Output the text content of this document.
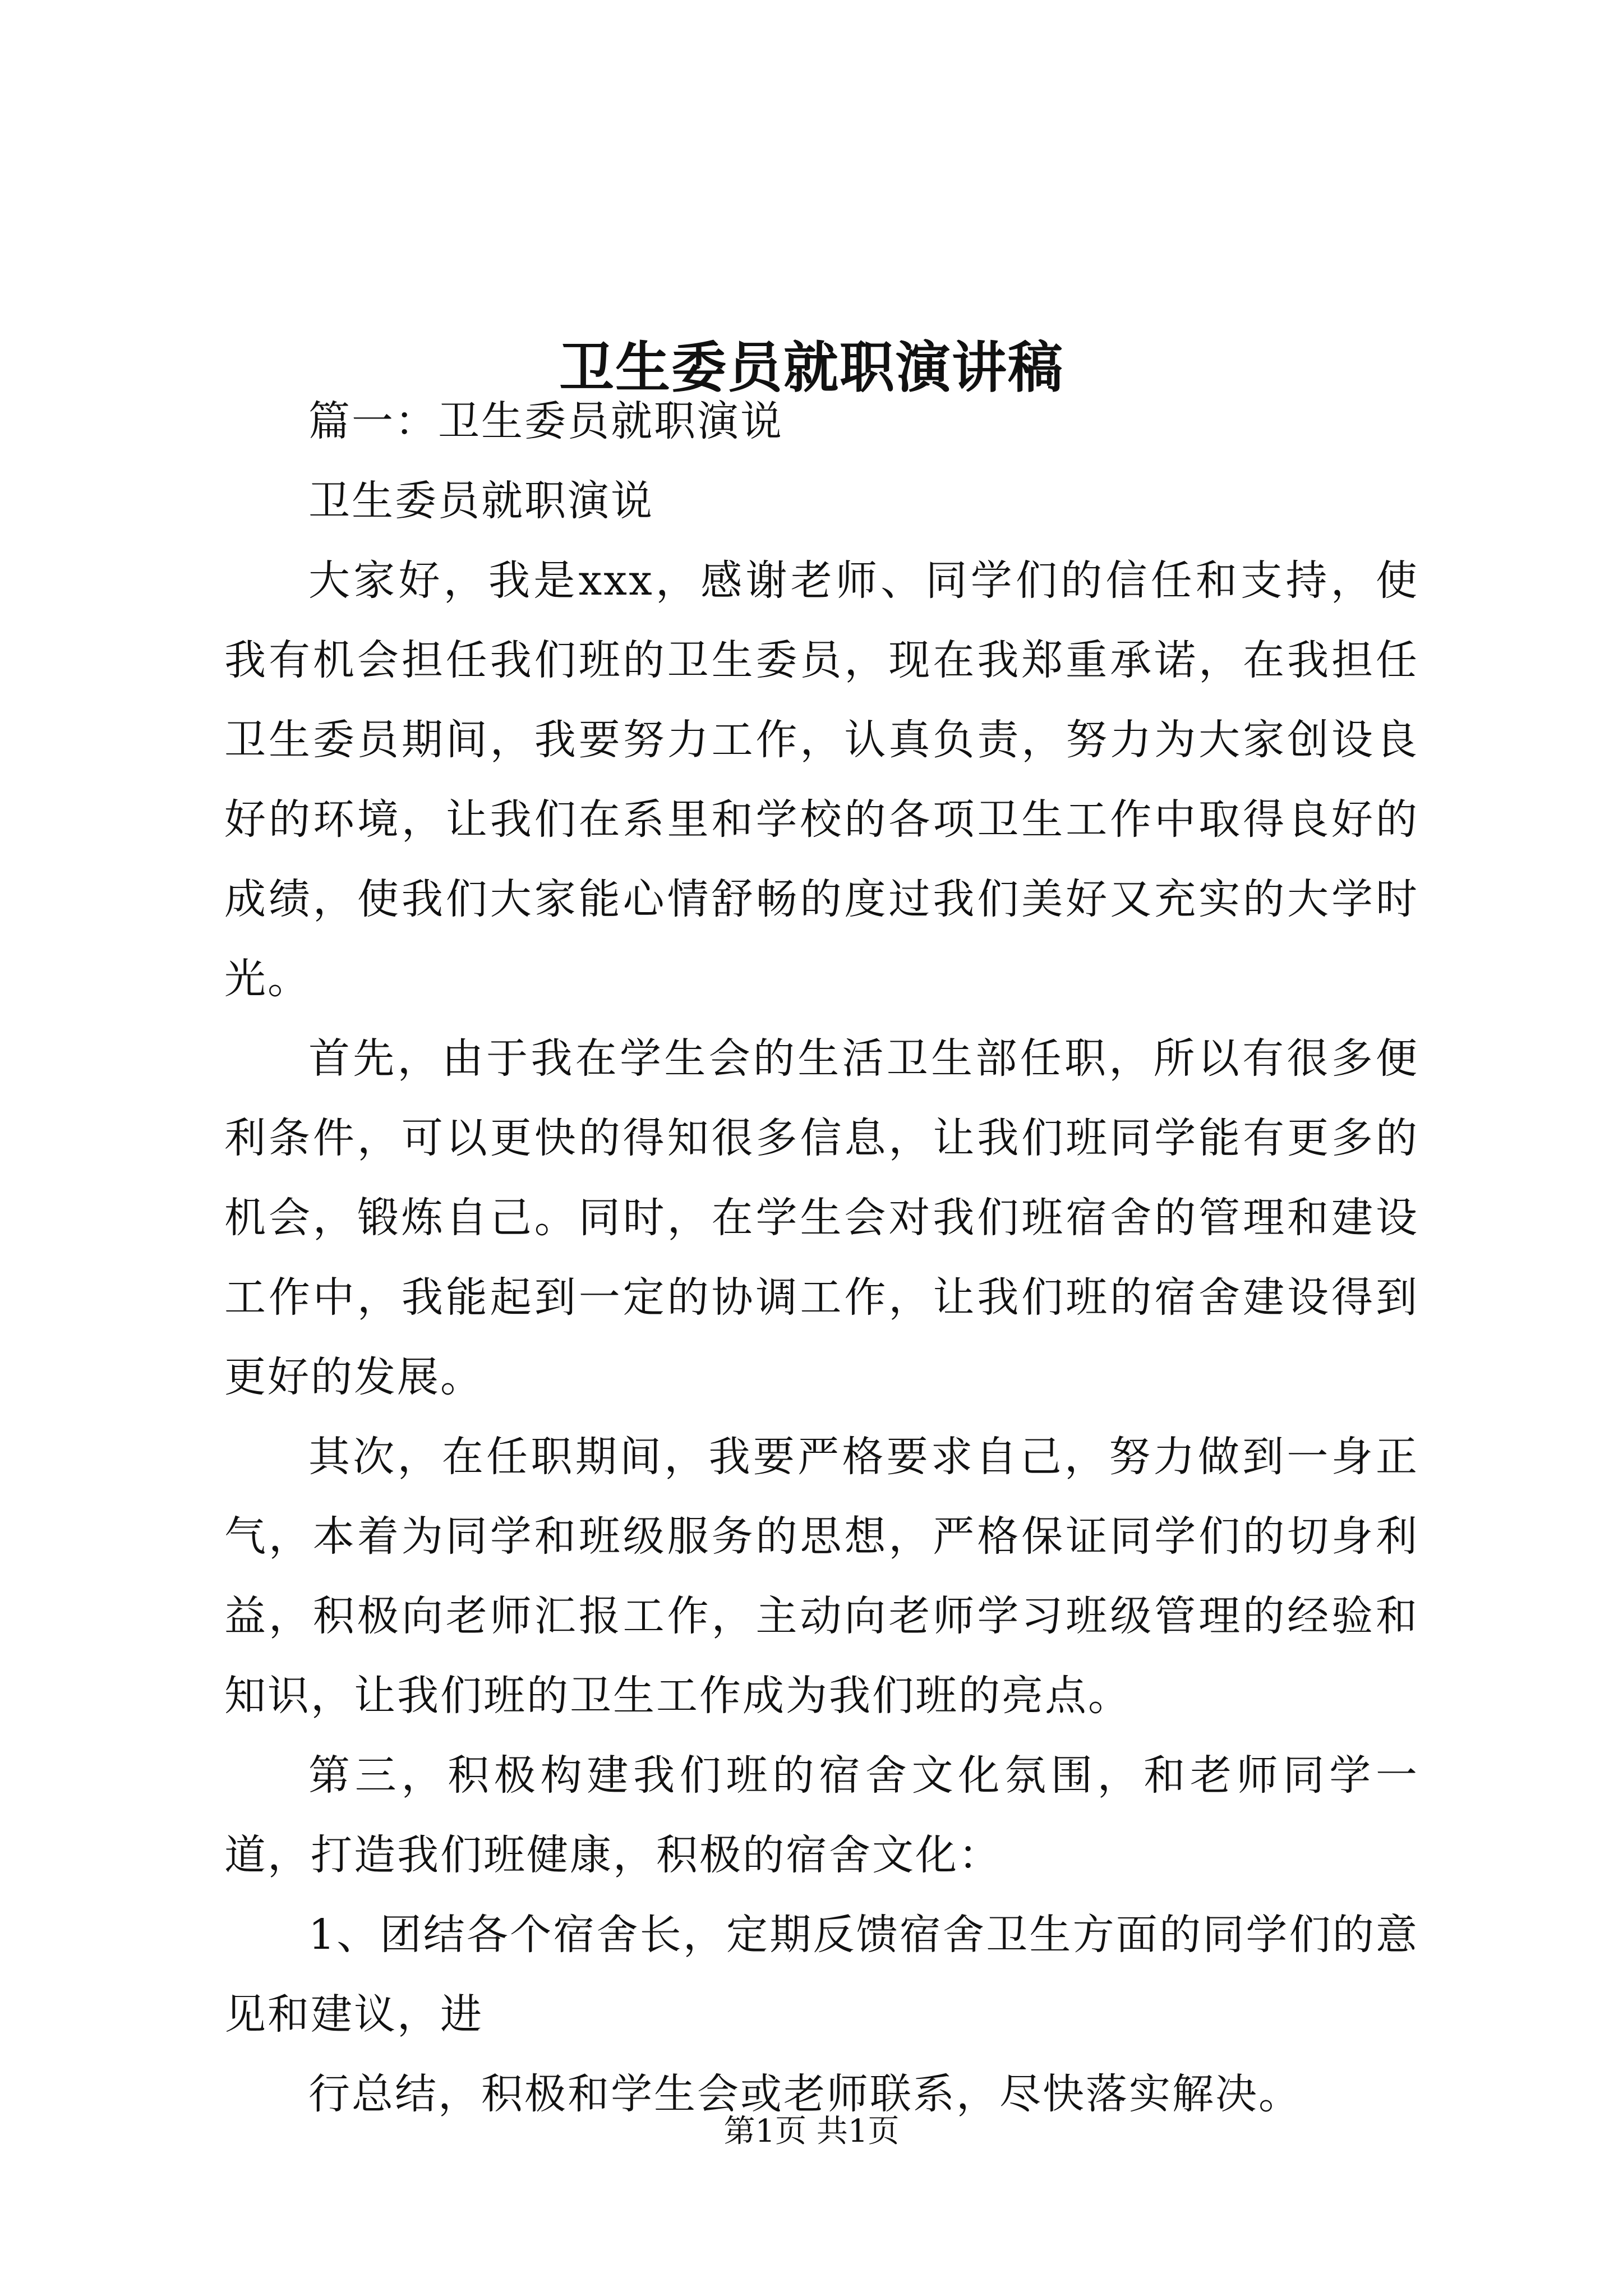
卫生委员就职演讲稿

篇一：卫生委员就职演说

卫生委员就职演说

大家好，我是xxx，感谢老师、同学们的信任和支持，使我有机会担任我们班的卫生委员，现在我郑重承诺，在我担任卫生委员期间，我要努力工作，认真负责，努力为大家创设良好的环境，让我们在系里和学校的各项卫生工作中取得良好的成绩，使我们大家能心情舒畅的度过我们美好又充实的大学时光。

首先，由于我在学生会的生活卫生部任职，所以有很多便利条件，可以更快的得知很多信息，让我们班同学能有更多的机会，锻炼自己。同时，在学生会对我们班宿舍的管理和建设工作中，我能起到一定的协调工作，让我们班的宿舍建设得到更好的发展。

其次，在任职期间，我要严格要求自己，努力做到一身正气，本着为同学和班级服务的思想，严格保证同学们的切身利益，积极向老师汇报工作，主动向老师学习班级管理的经验和知识，让我们班的卫生工作成为我们班的亮点。

第三，积极构建我们班的宿舍文化氛围，和老师同学一道，打造我们班健康，积极的宿舍文化：

1、团结各个宿舍长，定期反馈宿舍卫生方面的同学们的意见和建议，进

行总结，积极和学生会或老师联系，尽快落实解决。

第1页 共1页
